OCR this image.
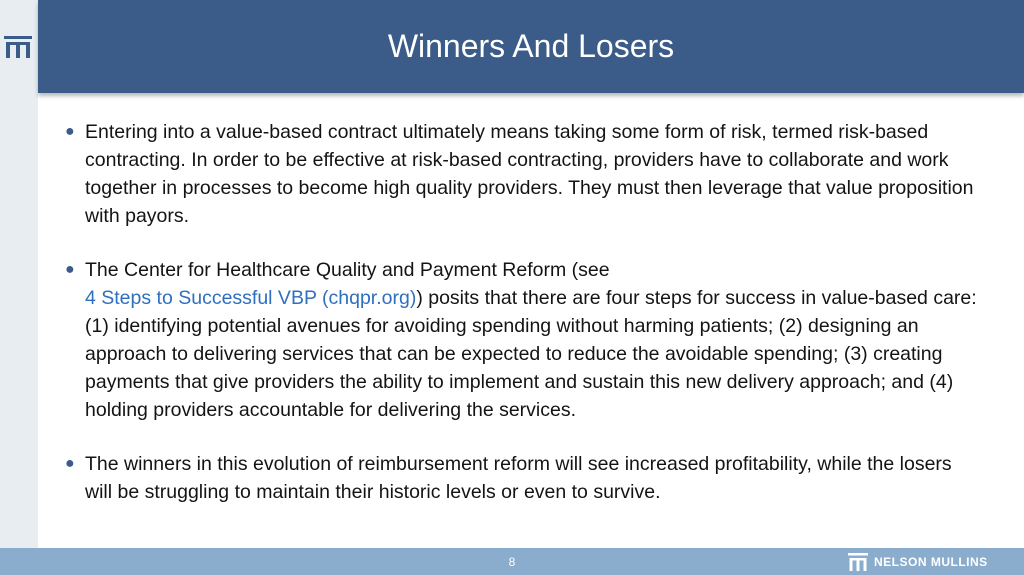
Winners And Losers
● Entering into a value-based contract ultimately means taking some form of risk, termed risk-based contracting. In order to be effective at risk-based contracting, providers have to collaborate and work together in processes to become high quality providers. They must then leverage that value proposition with payors.
● The Center for Healthcare Quality and Payment Reform (see
4 Steps to Successful VBP (chqpr.org)) posits that there are four steps for success in value-based care: (1) identifying potential avenues for avoiding spending without harming patients; (2) designing an approach to delivering services that can be expected to reduce the avoidable spending; (3) creating payments that give providers the ability to implement and sustain this new delivery approach; and (4) holding providers accountable for delivering the services.
● The winners in this evolution of reimbursement reform will see increased profitability, while the losers will be struggling to maintain their historic levels or even to survive.
8	NELSON MULLINS
